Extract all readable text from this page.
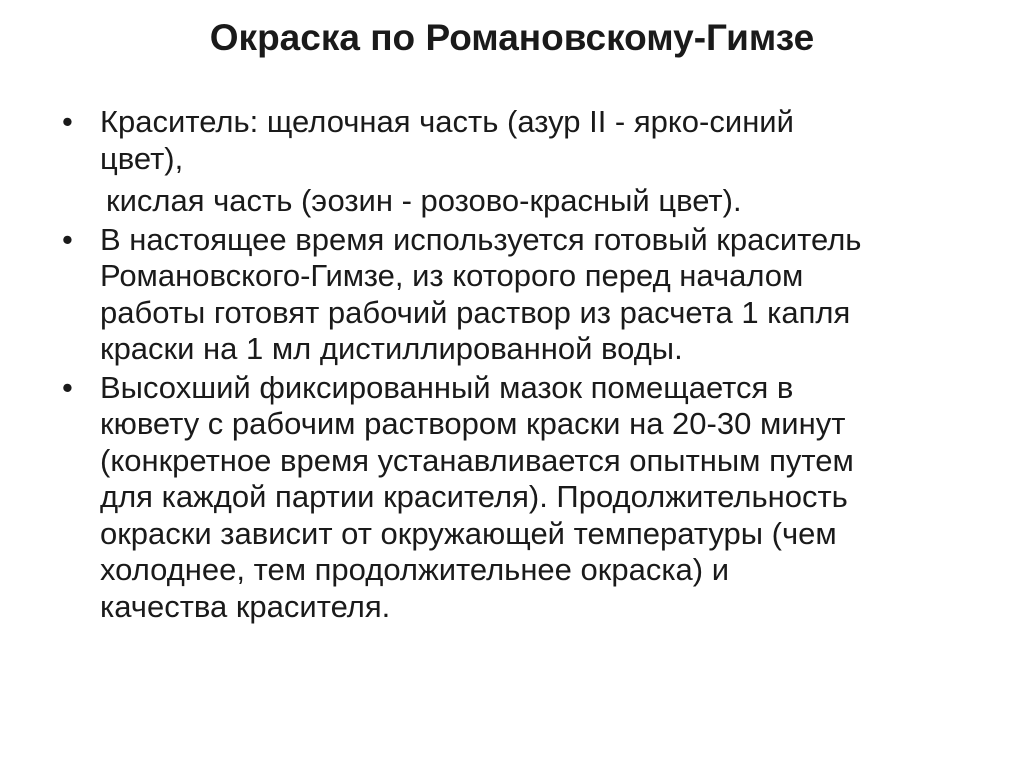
Окраска по Романовскому-Гимзе
• Краситель: щелочная часть (азур II - ярко-синий
цвет),
кислая часть (эозин - розово-красный цвет).
• В настоящее время используется готовый краситель
Романовского-Гимзе, из которого перед началом
работы готовят рабочий раствор из расчета 1 капля
краски на 1 мл дистиллированной воды.
• Высохший фиксированный мазок помещается в
кювету с рабочим раствором краски на 20-30 минут
(конкретное время устанавливается опытным путем
для каждой партии красителя). Продолжительность
окраски зависит от окружающей температуры (чем
холоднее, тем продолжительнее окраска) и
качества красителя.
